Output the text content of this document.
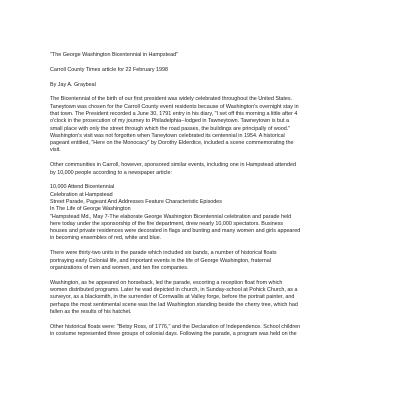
"The George Washington Bicentennial in Hampstead"
Carroll County Times article for 22 February 1998
By Jay A. Graybeal
The Bicentennial of the birth of our first president was widely celebrated throughout the United States.
Taneytown was chosen for the Carroll County event residents because of Washington's overnight stay in
that town. The President recorded a June 30, 1791 entry in his diary, "I set off this morning a little after 4
o'clock in the prosecution of my journey to Philadelphia--lodged in Tawneytown. Tawneytown is but a
small place with only the street through which the road passes, the buildings are principally of wood."
Washington's visit was not forgotten when Taneytown celebrated its centennial in 1954. A historical
pageant entitled, "Here on the Monocacy" by Dorothy Elderdice, included a scene commemorating the
visit.
Other communities in Carroll, however, sponsored similar events, including one in Hampstead attended
by 10,000 people according to a newspaper article:
10,000 Attend Bicentennial
Celebration at Hampstead
Street Parade, Pageant And Addresses Feature Characteristic Episodes
In The Life of George Washington
"Hampstead Md., May 7-The elaborate George Washington Bicentennial celebration and parade held
here today under the sponsorship of the fire department, drew nearly 10,000 spectators. Business
houses and private residences were decorated in flags and bunting and many women and girls appeared
in becoming ensembles of red, white and blue.
There were thirty-two units in the parade which included six bands, a number of historical floats
portraying early Colonial life, and important events in the life of George Washington, fraternal
organizations of men and women, and ten fire companies.
Washington, as he appeared on horseback, led the parade, escorting a reception float from which
women distributed programs. Later he wad depicted in church, in Sunday-school at Pohick Church, as a
surveyor, as a blacksmith, in the surrender of Cornwallis at Valley forge, before the portrait painter, and
perhaps the most sentimental scene was the lad Washington standing beside the cherry tree, which had
fallen as the results of his hatchet.
Other historical floats were: "Betsy Ross, of 1776," and the Declaration of Independence. School children
in costume represented three groups of colonial days. Following the parade, a program was held on the
